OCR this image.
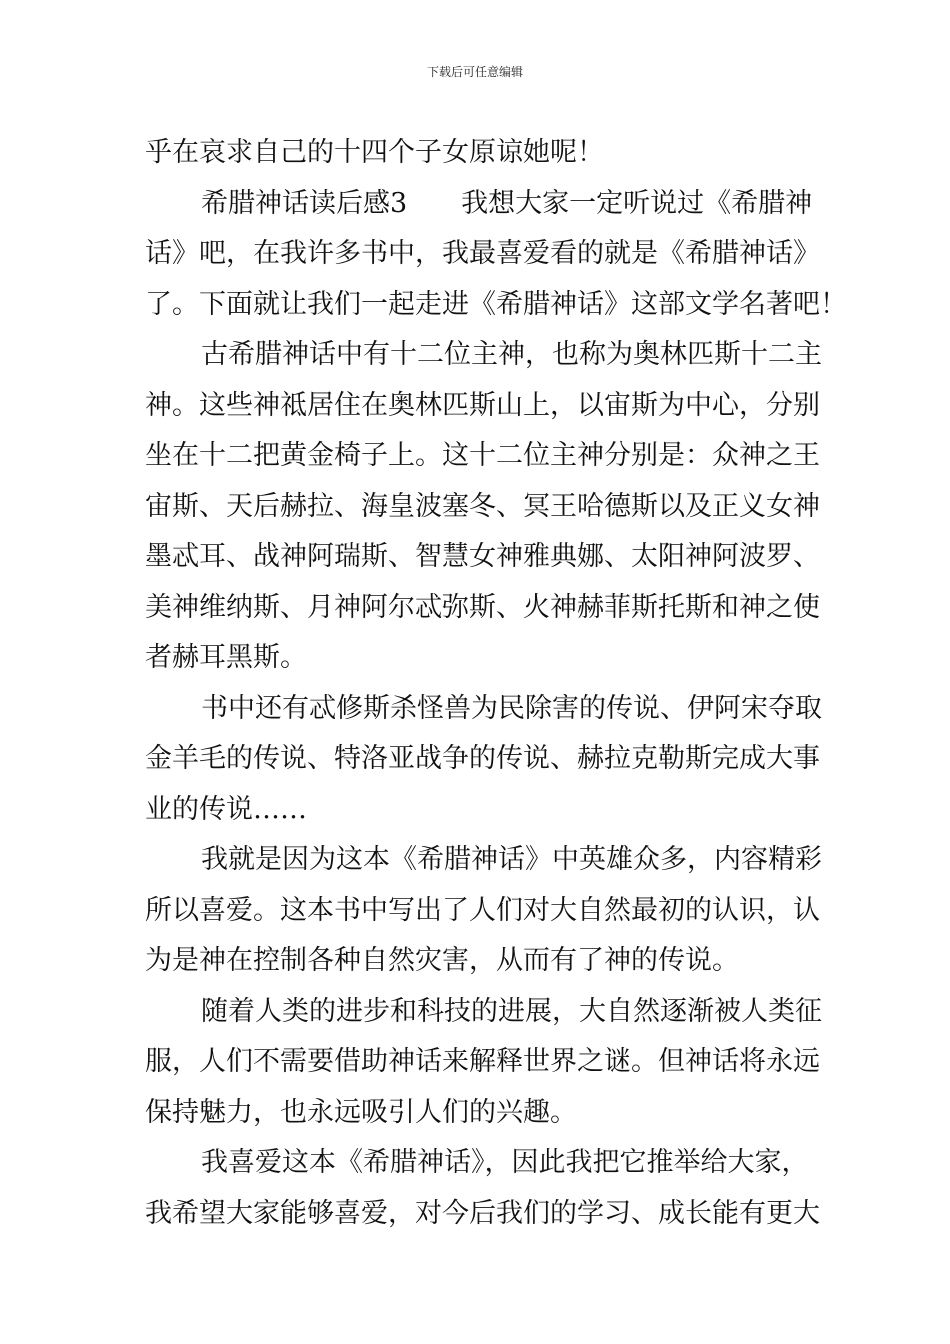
下载后可任意编辑
乎在哀求自己的十四个子女原谅她呢！
希腊神话读后感3　　我想大家一定听说过《希腊神
话》吧，在我许多书中，我最喜爱看的就是《希腊神话》
了。下面就让我们一起走进《希腊神话》这部文学名著吧！
古希腊神话中有十二位主神，也称为奥林匹斯十二主
神。这些神祗居住在奥林匹斯山上，以宙斯为中心，分别
坐在十二把黄金椅子上。这十二位主神分别是：众神之王
宙斯、天后赫拉、海皇波塞冬、冥王哈德斯以及正义女神
墨忒耳、战神阿瑞斯、智慧女神雅典娜、太阳神阿波罗、
美神维纳斯、月神阿尔忒弥斯、火神赫菲斯托斯和神之使
者赫耳黑斯。
书中还有忒修斯杀怪兽为民除害的传说、伊阿宋夺取
金羊毛的传说、特洛亚战争的传说、赫拉克勒斯完成大事
业的传说……
我就是因为这本《希腊神话》中英雄众多，内容精彩
所以喜爱。这本书中写出了人们对大自然最初的认识，认
为是神在控制各种自然灾害，从而有了神的传说。
随着人类的进步和科技的进展，大自然逐渐被人类征
服，人们不需要借助神话来解释世界之谜。但神话将永远
保持魅力，也永远吸引人们的兴趣。
我喜爱这本《希腊神话》，因此我把它推举给大家，
我希望大家能够喜爱，对今后我们的学习、成长能有更大
